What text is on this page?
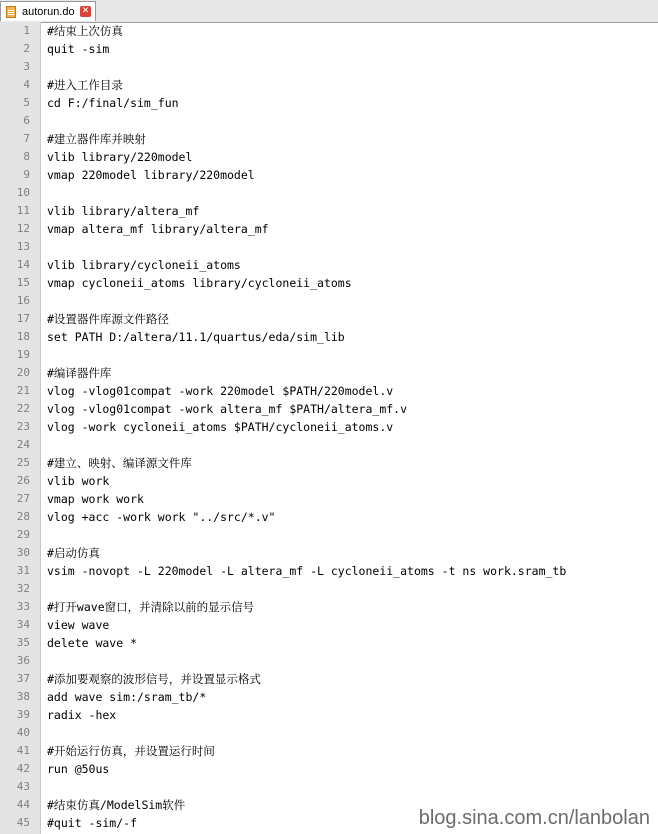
autorun.do ✕
1 #结束上次仿真
2 quit -sim
3
4 #进入工作目录
5 cd F:/final/sim_fun
6
7 #建立器件库并映射
8 vlib library/220model
9 vmap 220model library/220model
10
11 vlib library/altera_mf
12 vmap altera_mf library/altera_mf
13
14 vlib library/cycloneii_atoms
15 vmap cycloneii_atoms library/cycloneii_atoms
16
17 #设置器件库源文件路径
18 set PATH D:/altera/11.1/quartus/eda/sim_lib
19
20 #编译器件库
21 vlog -vlog01compat -work 220model $PATH/220model.v
22 vlog -vlog01compat -work altera_mf $PATH/altera_mf.v
23 vlog -work cycloneii_atoms $PATH/cycloneii_atoms.v
24
25 #建立、映射、编译源文件库
26 vlib work
27 vmap work work
28 vlog +acc -work work "../src/*.v"
29
30 #启动仿真
31 vsim -novopt -L 220model -L altera_mf -L cycloneii_atoms -t ns work.sram_tb
32
33 #打开wave窗口，并清除以前的显示信号
34 view wave
35 delete wave *
36
37 #添加要观察的波形信号，并设置显示格式
38 add wave sim:/sram_tb/*
39 radix -hex
40
41 #开始运行仿真，并设置运行时间
42 run @50us
43
44 #结束仿真/ModelSim软件
45 #quit -sim/-f	blog.sina.com.cn/lanbolan
